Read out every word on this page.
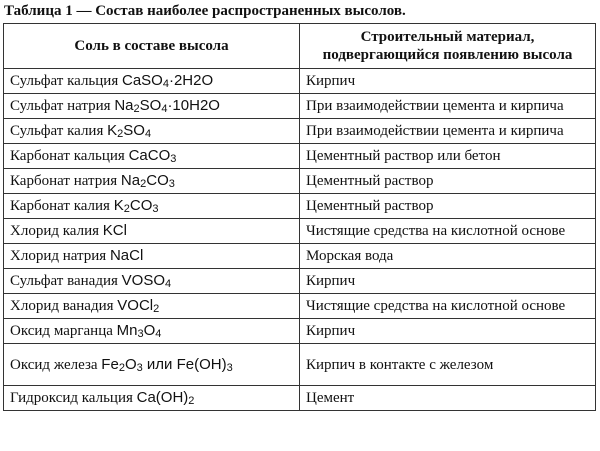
Таблица 1 — Состав наиболее распространенных высолов.
Соль в составе высола	Строительный материал, подвергающийся появлению высола
Сульфат кальция CaSO4·2H2O	Кирпич
Сульфат натрия Na2SO4·10H2O	При взаимодействии цемента и кирпича
Сульфат калия K2SO4	При взаимодействии цемента и кирпича
Карбонат кальция CaCO3	Цементный раствор или бетон
Карбонат натрия Na2CO3	Цементный раствор
Карбонат калия K2CO3	Цементный раствор
Хлорид калия KCl	Чистящие средства на кислотной основе
Хлорид натрия NaCl	Морская вода
Сульфат ванадия VOSO4	Кирпич
Хлорид ванадия VOCl2	Чистящие средства на кислотной основе
Оксид марганца Mn3O4	Кирпич
Оксид железа Fe2O3 или Fe(OH)3	Кирпич в контакте с железом
Гидроксид кальция Ca(OH)2	Цемент
